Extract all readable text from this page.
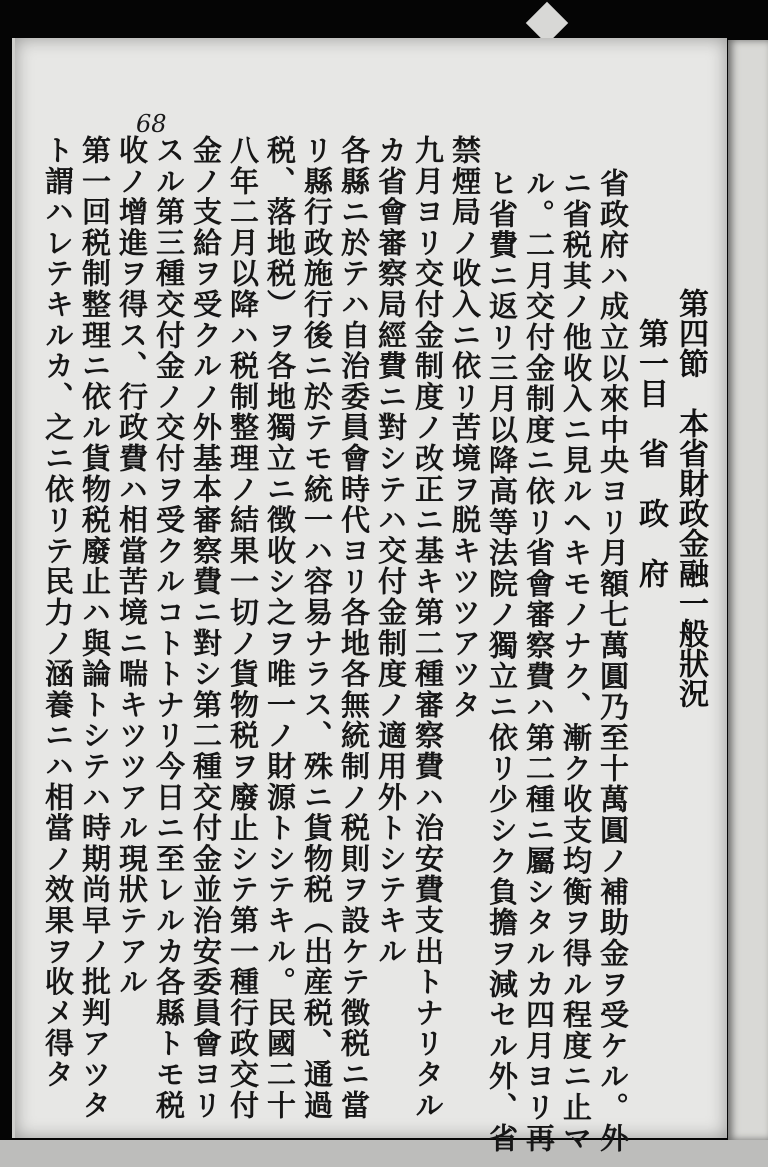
68
第四節　本省財政金融一般狀況
第一目　省　政　府
省政府ハ成立以來中央ヨリ月額七萬圓乃至十萬圓ノ補助金ヲ受ケル。外
ニ省税其ノ他收入ニ見ルヘキモノナク、漸ク收支均衡ヲ得ル程度ニ止マ
ル。二月交付金制度ニ依リ省會審察費ハ第二種ニ屬シタルカ四月ヨリ再
ヒ省費ニ返リ三月以降高等法院ノ獨立ニ依リ少シク負擔ヲ減セル外、省
禁煙局ノ收入ニ依リ苦境ヲ脱キツツアツタ
九月ヨリ交付金制度ノ改正ニ基キ第二種審察費ハ治安費支出トナリタル
カ省會審察局經費ニ對シテハ交付金制度ノ適用外トシテキル
各縣ニ於テハ自治委員會時代ヨリ各地各無統制ノ税則ヲ設ケテ徴税ニ當
リ縣行政施行後ニ於テモ統一ハ容易ナラス、殊ニ貨物税（出産税、通過
税、落地税）ヲ各地獨立ニ徴收シ之ヲ唯一ノ財源トシテキル。民國二十
八年二月以降ハ税制整理ノ結果一切ノ貨物税ヲ廢止シテ第一種行政交付
金ノ支給ヲ受クルノ外基本審察費ニ對シ第二種交付金並治安委員會ヨリ
スル第三種交付金ノ交付ヲ受クルコトトナリ今日ニ至レルカ各縣トモ税
收ノ增進ヲ得ス、行政費ハ相當苦境ニ喘キツツアル現狀テアル
第一回税制整理ニ依ル貨物税廢止ハ與論トシテハ時期尚早ノ批判アツタ
ト謂ハレテキルカ、之ニ依リテ民力ノ涵養ニハ相當ノ效果ヲ收メ得タ
